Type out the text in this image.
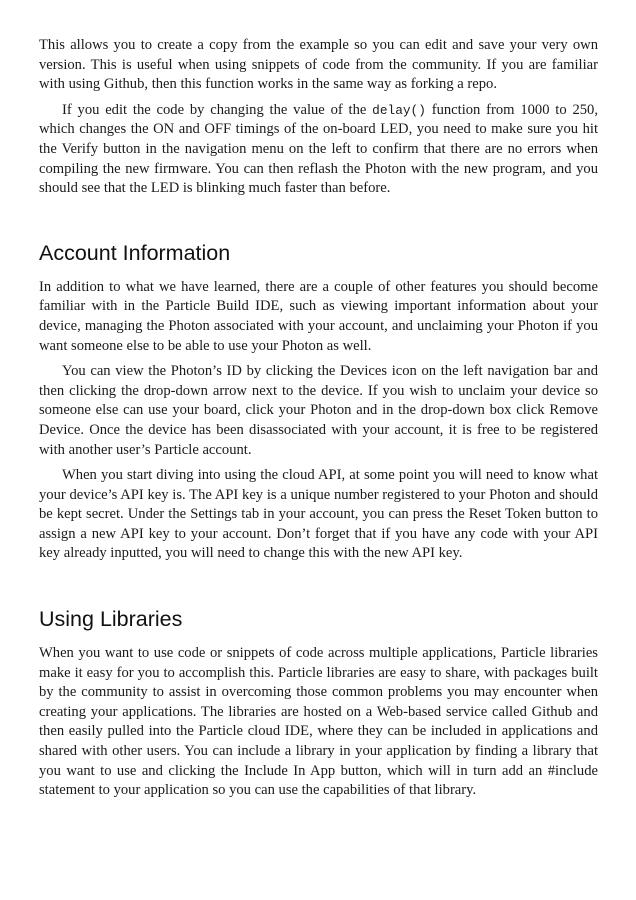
This allows you to create a copy from the example so you can edit and save your very own version. This is useful when using snippets of code from the community. If you are familiar with using Github, then this function works in the same way as forking a repo.

If you edit the code by changing the value of the delay() function from 1000 to 250, which changes the ON and OFF timings of the on-board LED, you need to make sure you hit the Verify button in the navigation menu on the left to confirm that there are no errors when compiling the new firmware. You can then reflash the Photon with the new program, and you should see that the LED is blinking much faster than before.

Account Information

In addition to what we have learned, there are a couple of other features you should become familiar with in the Particle Build IDE, such as viewing important information about your device, managing the Photon associated with your account, and unclaiming your Photon if you want someone else to be able to use your Photon as well.

You can view the Photon’s ID by clicking the Devices icon on the left navigation bar and then clicking the drop-down arrow next to the device. If you wish to unclaim your device so someone else can use your board, click your Photon and in the drop-down box click Remove Device. Once the device has been disassociated with your account, it is free to be registered with another user’s Particle account.

When you start diving into using the cloud API, at some point you will need to know what your device’s API key is. The API key is a unique number registered to your Photon and should be kept secret. Under the Settings tab in your account, you can press the Reset Token button to assign a new API key to your account. Don’t forget that if you have any code with your API key already inputted, you will need to change this with the new API key.

Using Libraries

When you want to use code or snippets of code across multiple applications, Particle libraries make it easy for you to accomplish this. Particle libraries are easy to share, with packages built by the community to assist in overcoming those common problems you may encounter when creating your applications. The libraries are hosted on a Web-based service called Github and then easily pulled into the Particle cloud IDE, where they can be included in applications and shared with other users. You can include a library in your application by finding a library that you want to use and clicking the Include In App button, which will in turn add an #include statement to your application so you can use the capabilities of that library.
